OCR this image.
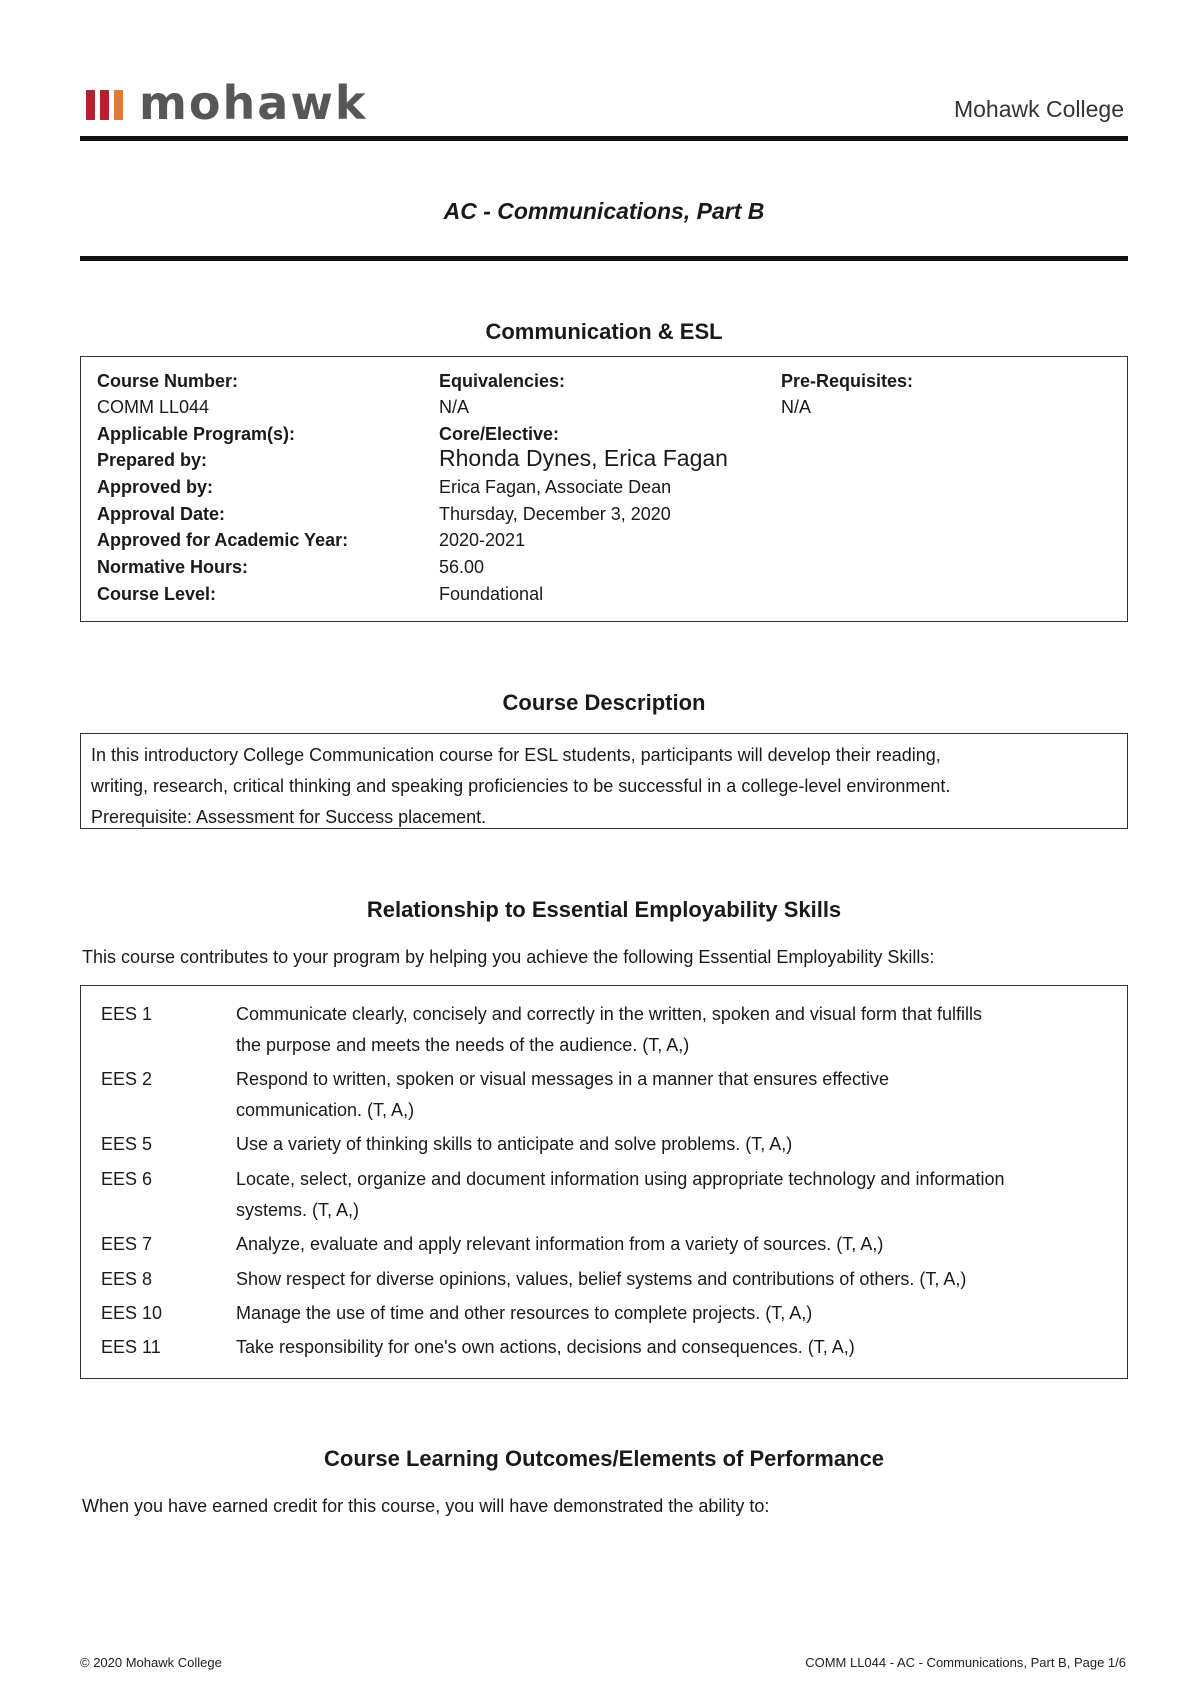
mohawk	Mohawk College
AC - Communications, Part B
Communication & ESL
Course Number:	Equivalencies:	Pre-Requisites:
COMM LL044	N/A	N/A
Applicable Program(s):	Core/Elective:
Prepared by:	Rhonda Dynes, Erica Fagan
Approved by:	Erica Fagan, Associate Dean
Approval Date:	Thursday, December 3, 2020
Approved for Academic Year:	2020-2021
Normative Hours:	56.00
Course Level:	Foundational
Course Description
In this introductory College Communication course for ESL students, participants will develop their reading,
writing, research, critical thinking and speaking proficiencies to be successful in a college-level environment.
Prerequisite: Assessment for Success placement.
Relationship to Essential Employability Skills
This course contributes to your program by helping you achieve the following Essential Employability Skills:
EES 1	Communicate clearly, concisely and correctly in the written, spoken and visual form that fulfills
the purpose and meets the needs of the audience. (T, A,)
EES 2	Respond to written, spoken or visual messages in a manner that ensures effective
communication. (T, A,)
EES 5	Use a variety of thinking skills to anticipate and solve problems. (T, A,)
EES 6	Locate, select, organize and document information using appropriate technology and information
systems. (T, A,)
EES 7	Analyze, evaluate and apply relevant information from a variety of sources. (T, A,)
EES 8	Show respect for diverse opinions, values, belief systems and contributions of others. (T, A,)
EES 10	Manage the use of time and other resources to complete projects. (T, A,)
EES 11	Take responsibility for one's own actions, decisions and consequences. (T, A,)
Course Learning Outcomes/Elements of Performance
When you have earned credit for this course, you will have demonstrated the ability to:
© 2020 Mohawk College	COMM LL044 - AC - Communications, Part B, Page 1/6
